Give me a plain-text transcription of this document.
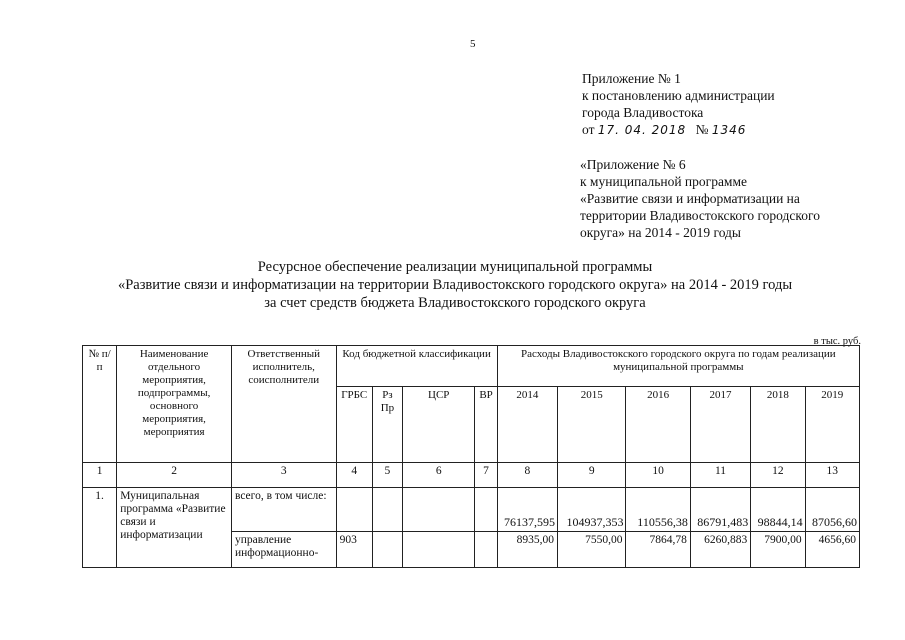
5
Приложение № 1
к постановлению администрации
города Владивостока
от 17. 04. 2018 № 1346
«Приложение № 6
к муниципальной программе
«Развитие связи и информатизации на
территории Владивостокского городского
округа» на 2014 - 2019 годы
Ресурсное обеспечение реализации муниципальной программы
«Развитие связи и информатизации на территории Владивостокского городского округа» на 2014 - 2019 годы
за счет средств бюджета Владивостокского городского округа
в тыс. руб.
№ п/п	Наименование отдельного мероприятия, подпрограммы, основного мероприятия, мероприятия	Ответственный исполнитель, соисполнители	Код бюджетной классификации				Расходы Владивостокского городского округа по годам реализации муниципальной программы					
			ГРБС	Рз Пр	ЦСР	ВР	2014	2015	2016	2017	2018	2019
1	2	3	4	5	6	7	8	9	10	11	12	13
1.	Муниципальная программа «Развитие связи и информатизации	всего, в том числе:					76137,595	104937,353	110556,38	86791,483	98844,14	87056,60
		управление информационно-	903				8935,00	7550,00	7864,78	6260,883	7900,00	4656,60
